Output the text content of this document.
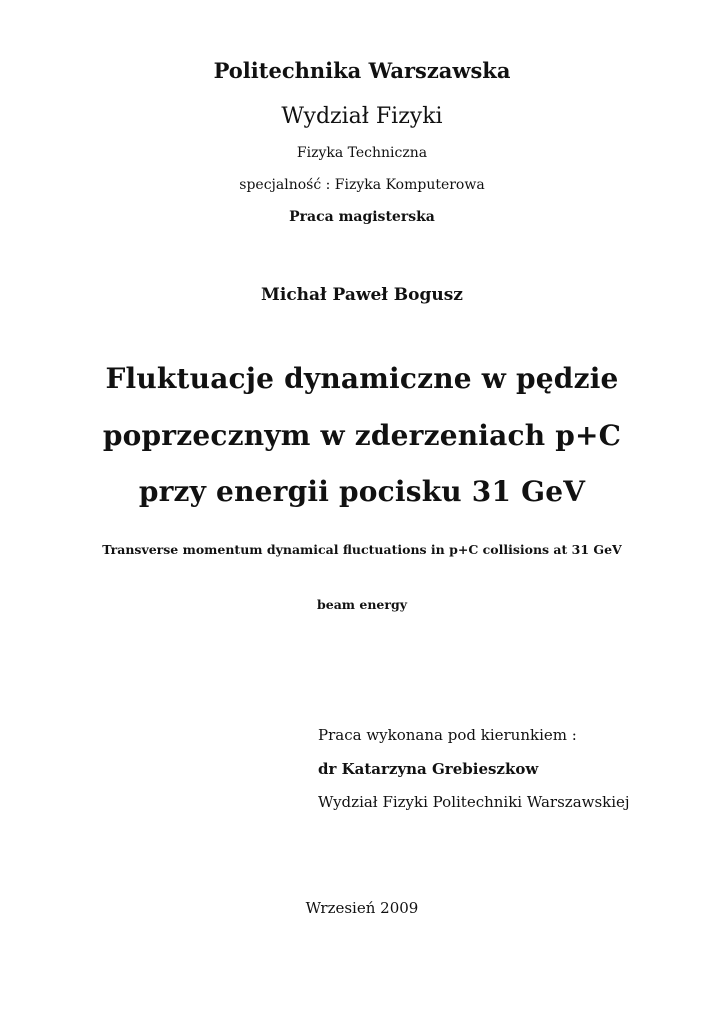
Politechnika Warszawska
Wydział Fizyki
Fizyka Techniczna
specjalność : Fizyka Komputerowa
Praca magisterska
Michał Paweł Bogusz
Fluktuacje dynamiczne w pędzie
poprzecznym w zderzeniach p+C
przy energii pocisku 31 GeV
Transverse momentum dynamical fluctuations in p+C collisions at 31 GeV
beam energy
Praca wykonana pod kierunkiem :
dr Katarzyna Grebieszkow
Wydział Fizyki Politechniki Warszawskiej
Wrzesień 2009
